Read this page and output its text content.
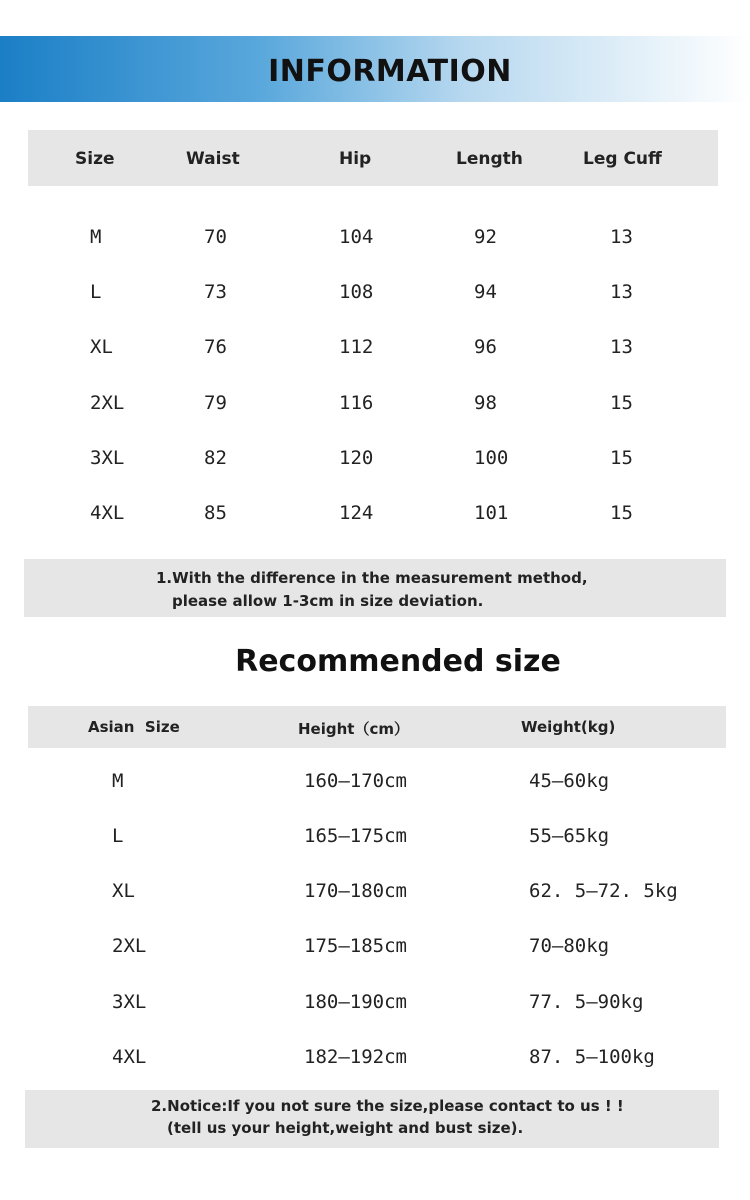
INFORMATION
Size	Waist	Hip	Length	Leg Cuff
M	70	104	92	13
L	73	108	94	13
XL	76	112	96	13
2XL	79	116	98	15
3XL	82	120	100	15
4XL	85	124	101	15
1.With the difference in the measurement method,
please allow 1-3cm in size deviation.
Recommended size
Asian  Size	Height（cm）	Weight(kg)
M	160—170cm	45—60kg
L	165—175cm	55—65kg
XL	170—180cm	62. 5—72. 5kg
2XL	175—185cm	70—80kg
3XL	180—190cm	77. 5—90kg
4XL	182—192cm	87. 5—100kg
2.Notice:If you not sure the size,please contact to us ! !
(tell us your height,weight and bust size).
